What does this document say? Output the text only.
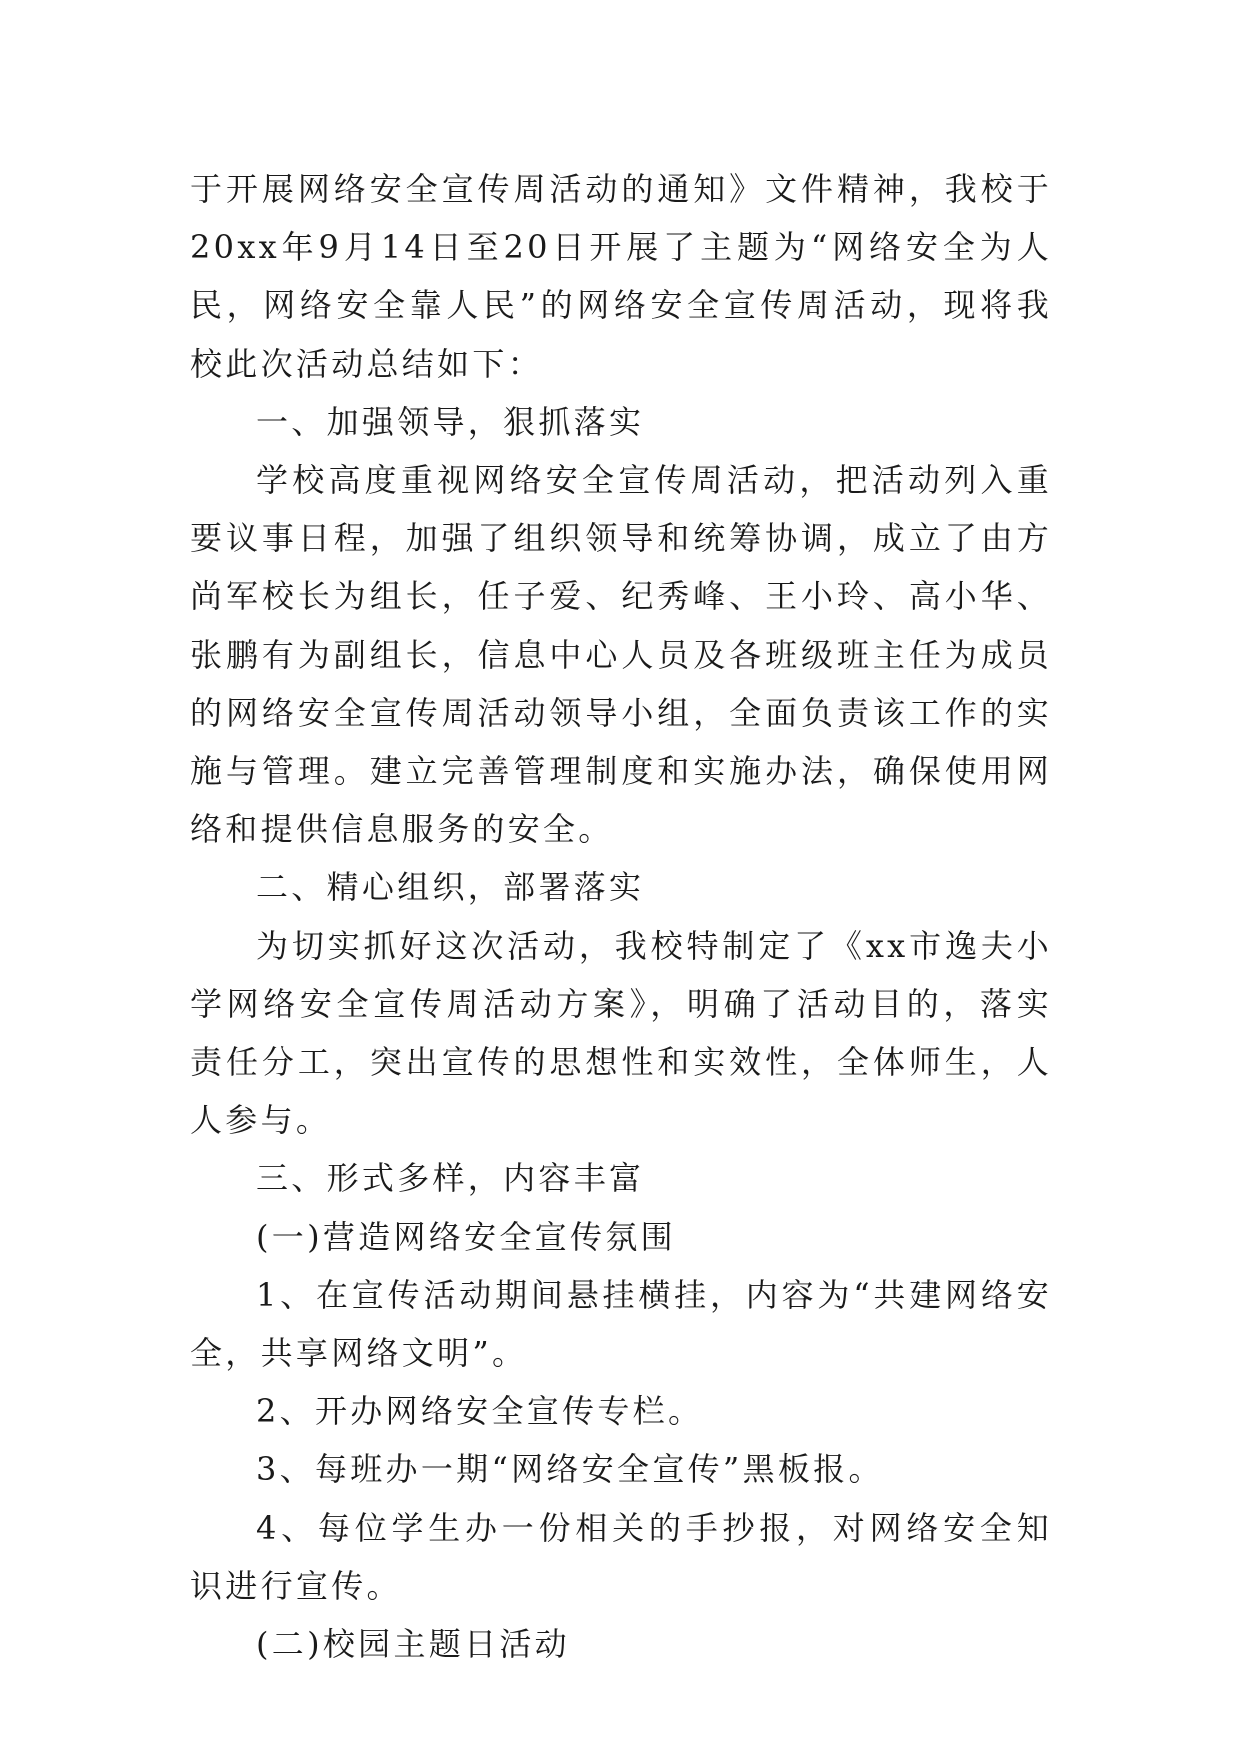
于开展网络安全宣传周活动的通知》文件精神，我校于20xx年9月14日至20日开展了主题为“网络安全为人民，网络安全靠人民”的网络安全宣传周活动，现将我校此次活动总结如下：

一、加强领导，狠抓落实

学校高度重视网络安全宣传周活动，把活动列入重要议事日程，加强了组织领导和统筹协调，成立了由方尚军校长为组长，任子爱、纪秀峰、王小玲、高小华、张鹏有为副组长，信息中心人员及各班级班主任为成员的网络安全宣传周活动领导小组，全面负责该工作的实施与管理。建立完善管理制度和实施办法，确保使用网络和提供信息服务的安全。

二、精心组织，部署落实

为切实抓好这次活动，我校特制定了《xx市逸夫小学网络安全宣传周活动方案》，明确了活动目的，落实责任分工，突出宣传的思想性和实效性，全体师生，人人参与。

三、形式多样，内容丰富

(一)营造网络安全宣传氛围

1、在宣传活动期间悬挂横挂，内容为“共建网络安全，共享网络文明”。

2、开办网络安全宣传专栏。

3、每班办一期“网络安全宣传”黑板报。

4、每位学生办一份相关的手抄报，对网络安全知识进行宣传。

(二)校园主题日活动
